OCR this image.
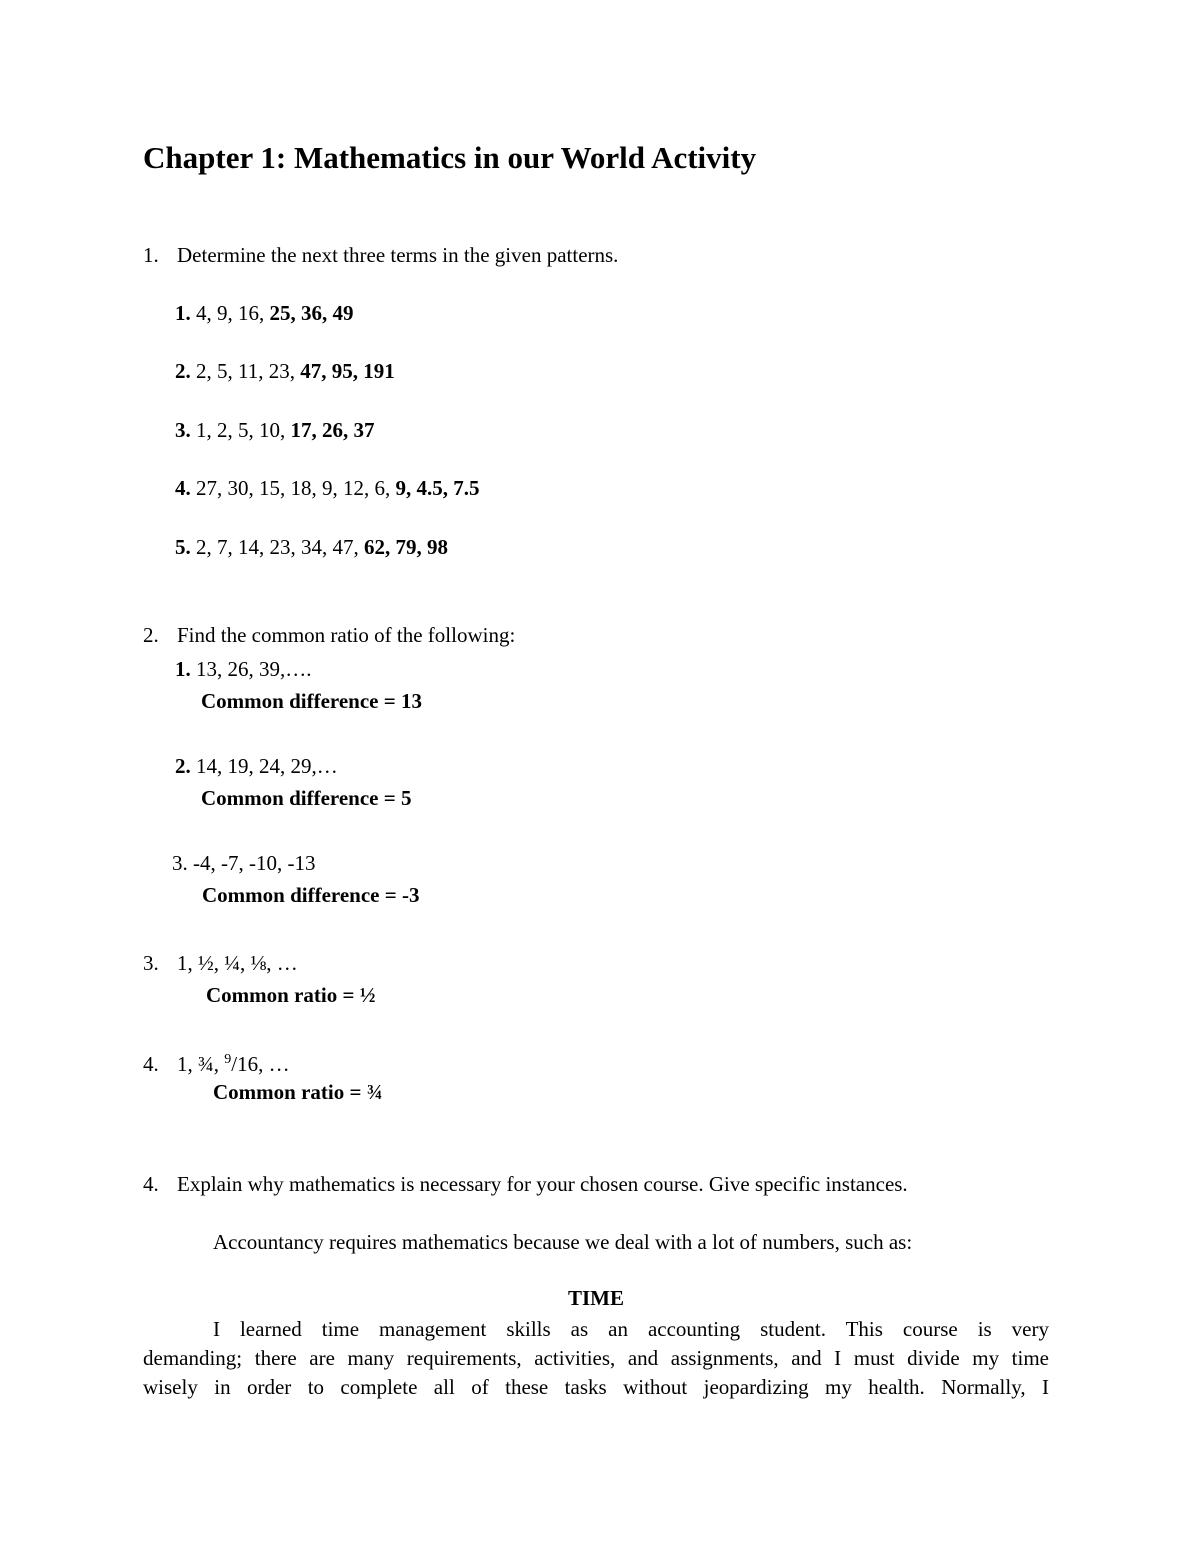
Chapter 1: Mathematics in our World Activity
1. Determine the next three terms in the given patterns.
1. 4, 9, 16, 25, 36, 49
2. 2, 5, 11, 23, 47, 95, 191
3. 1, 2, 5, 10, 17, 26, 37
4. 27, 30, 15, 18, 9, 12, 6, 9, 4.5, 7.5
5. 2, 7, 14, 23, 34, 47, 62, 79, 98
2. Find the common ratio of the following:
1. 13, 26, 39,….
Common difference = 13
2. 14, 19, 24, 29,…
Common difference = 5
3. -4, -7, -10, -13
Common difference = -3
3. 1, ½, ¼, ⅛, …
Common ratio = ½
4. 1, ¾, $^9$/16, …
Common ratio = ¾
4. Explain why mathematics is necessary for your chosen course. Give specific instances.
Accountancy requires mathematics because we deal with a lot of numbers, such as:
TIME

I learned time management skills as an accounting student. This course is very

demanding; there are many requirements, activities, and assignments, and I must divide my time

wisely in order to complete all of these tasks without jeopardizing my health. Normally, I
